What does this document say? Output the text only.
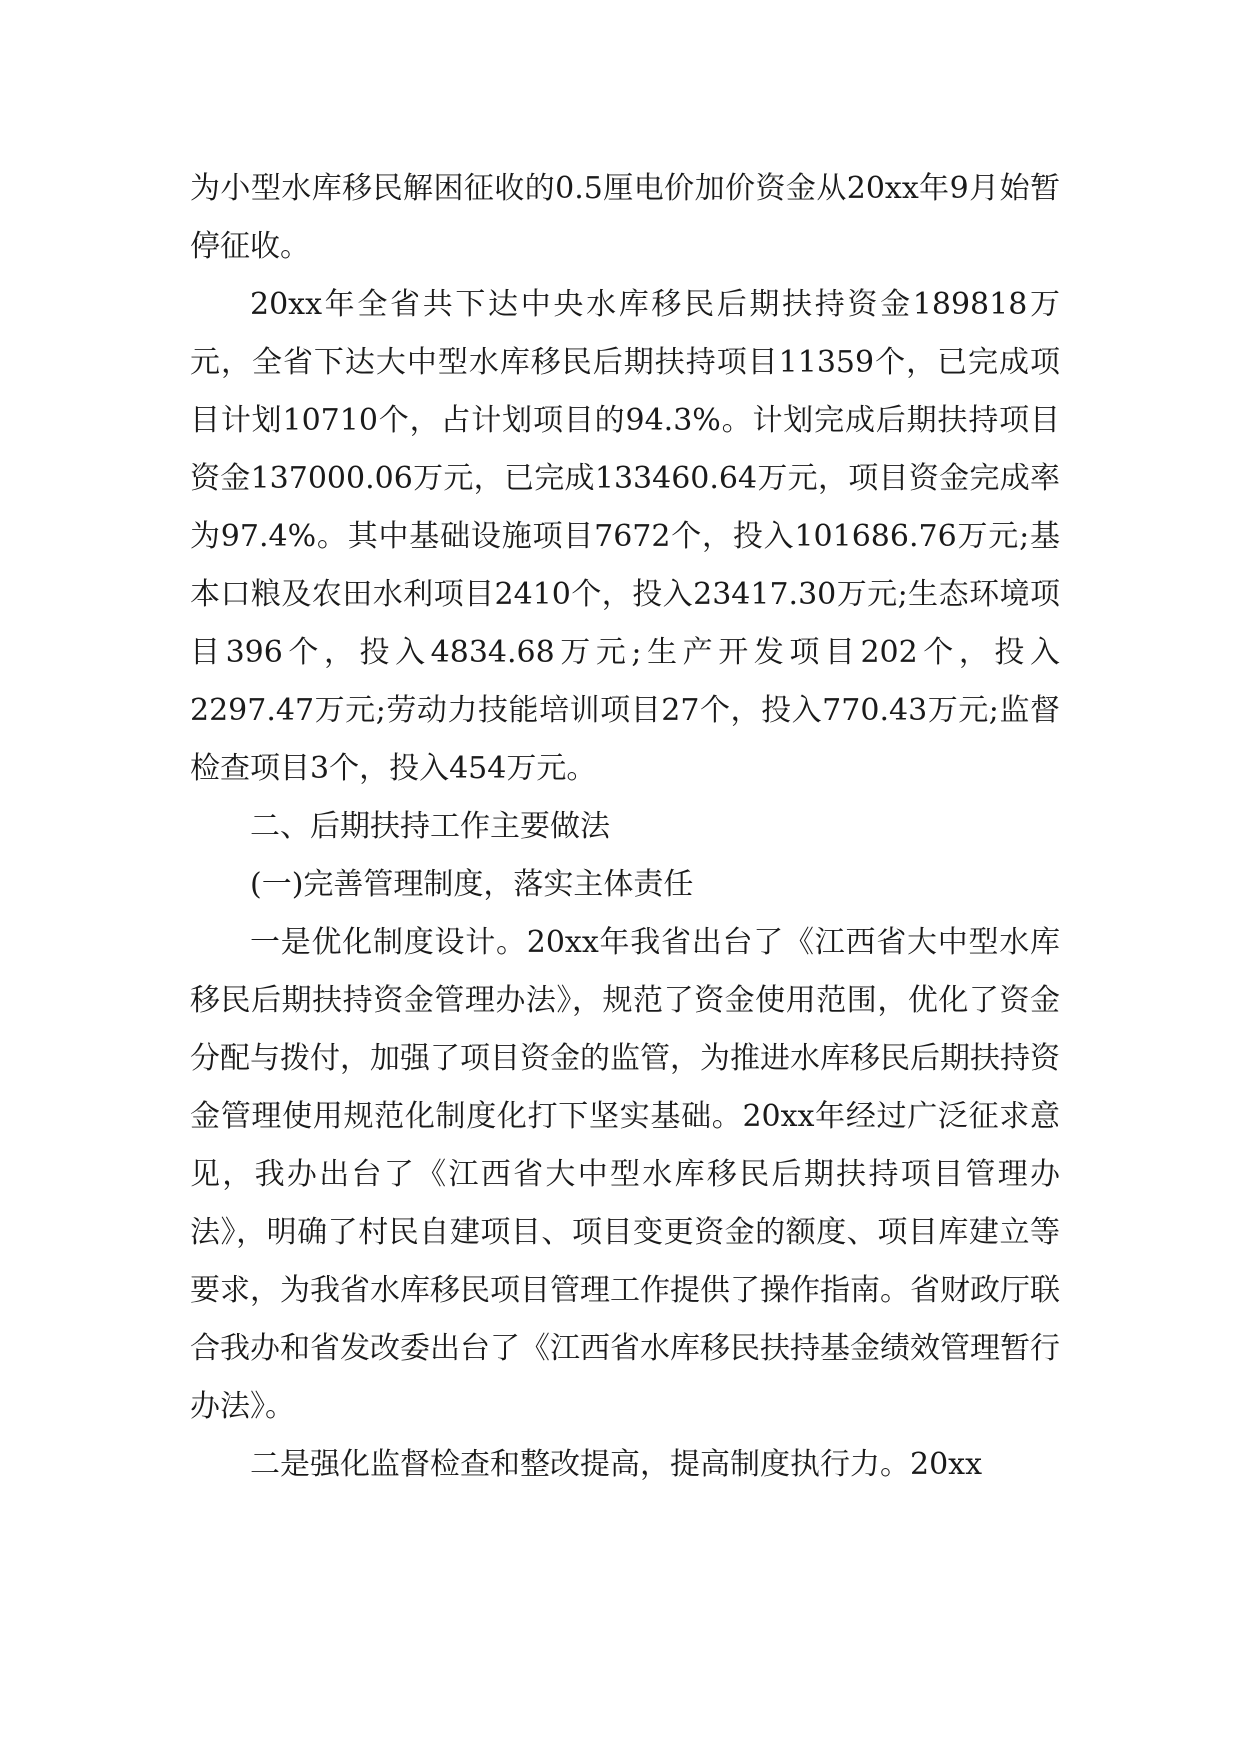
为小型水库移民解困征收的0.5厘电价加价资金从20xx年9月始暂停征收。

20xx年全省共下达中央水库移民后期扶持资金189818万元，全省下达大中型水库移民后期扶持项目11359个，已完成项目计划10710个，占计划项目的94.3%。计划完成后期扶持项目资金137000.06万元，已完成133460.64万元，项目资金完成率为97.4%。其中基础设施项目7672个，投入101686.76万元;基本口粮及农田水利项目2410个，投入23417.30万元;生态环境项目396个，投入4834.68万元;生产开发项目202个，投入2297.47万元;劳动力技能培训项目27个，投入770.43万元;监督检查项目3个，投入454万元。

二、后期扶持工作主要做法

(一)完善管理制度，落实主体责任

一是优化制度设计。20xx年我省出台了《江西省大中型水库移民后期扶持资金管理办法》，规范了资金使用范围，优化了资金分配与拨付，加强了项目资金的监管，为推进水库移民后期扶持资金管理使用规范化制度化打下坚实基础。20xx年经过广泛征求意见，我办出台了《江西省大中型水库移民后期扶持项目管理办法》，明确了村民自建项目、项目变更资金的额度、项目库建立等要求，为我省水库移民项目管理工作提供了操作指南。省财政厅联合我办和省发改委出台了《江西省水库移民扶持基金绩效管理暂行办法》。

二是强化监督检查和整改提高，提高制度执行力。20xx
